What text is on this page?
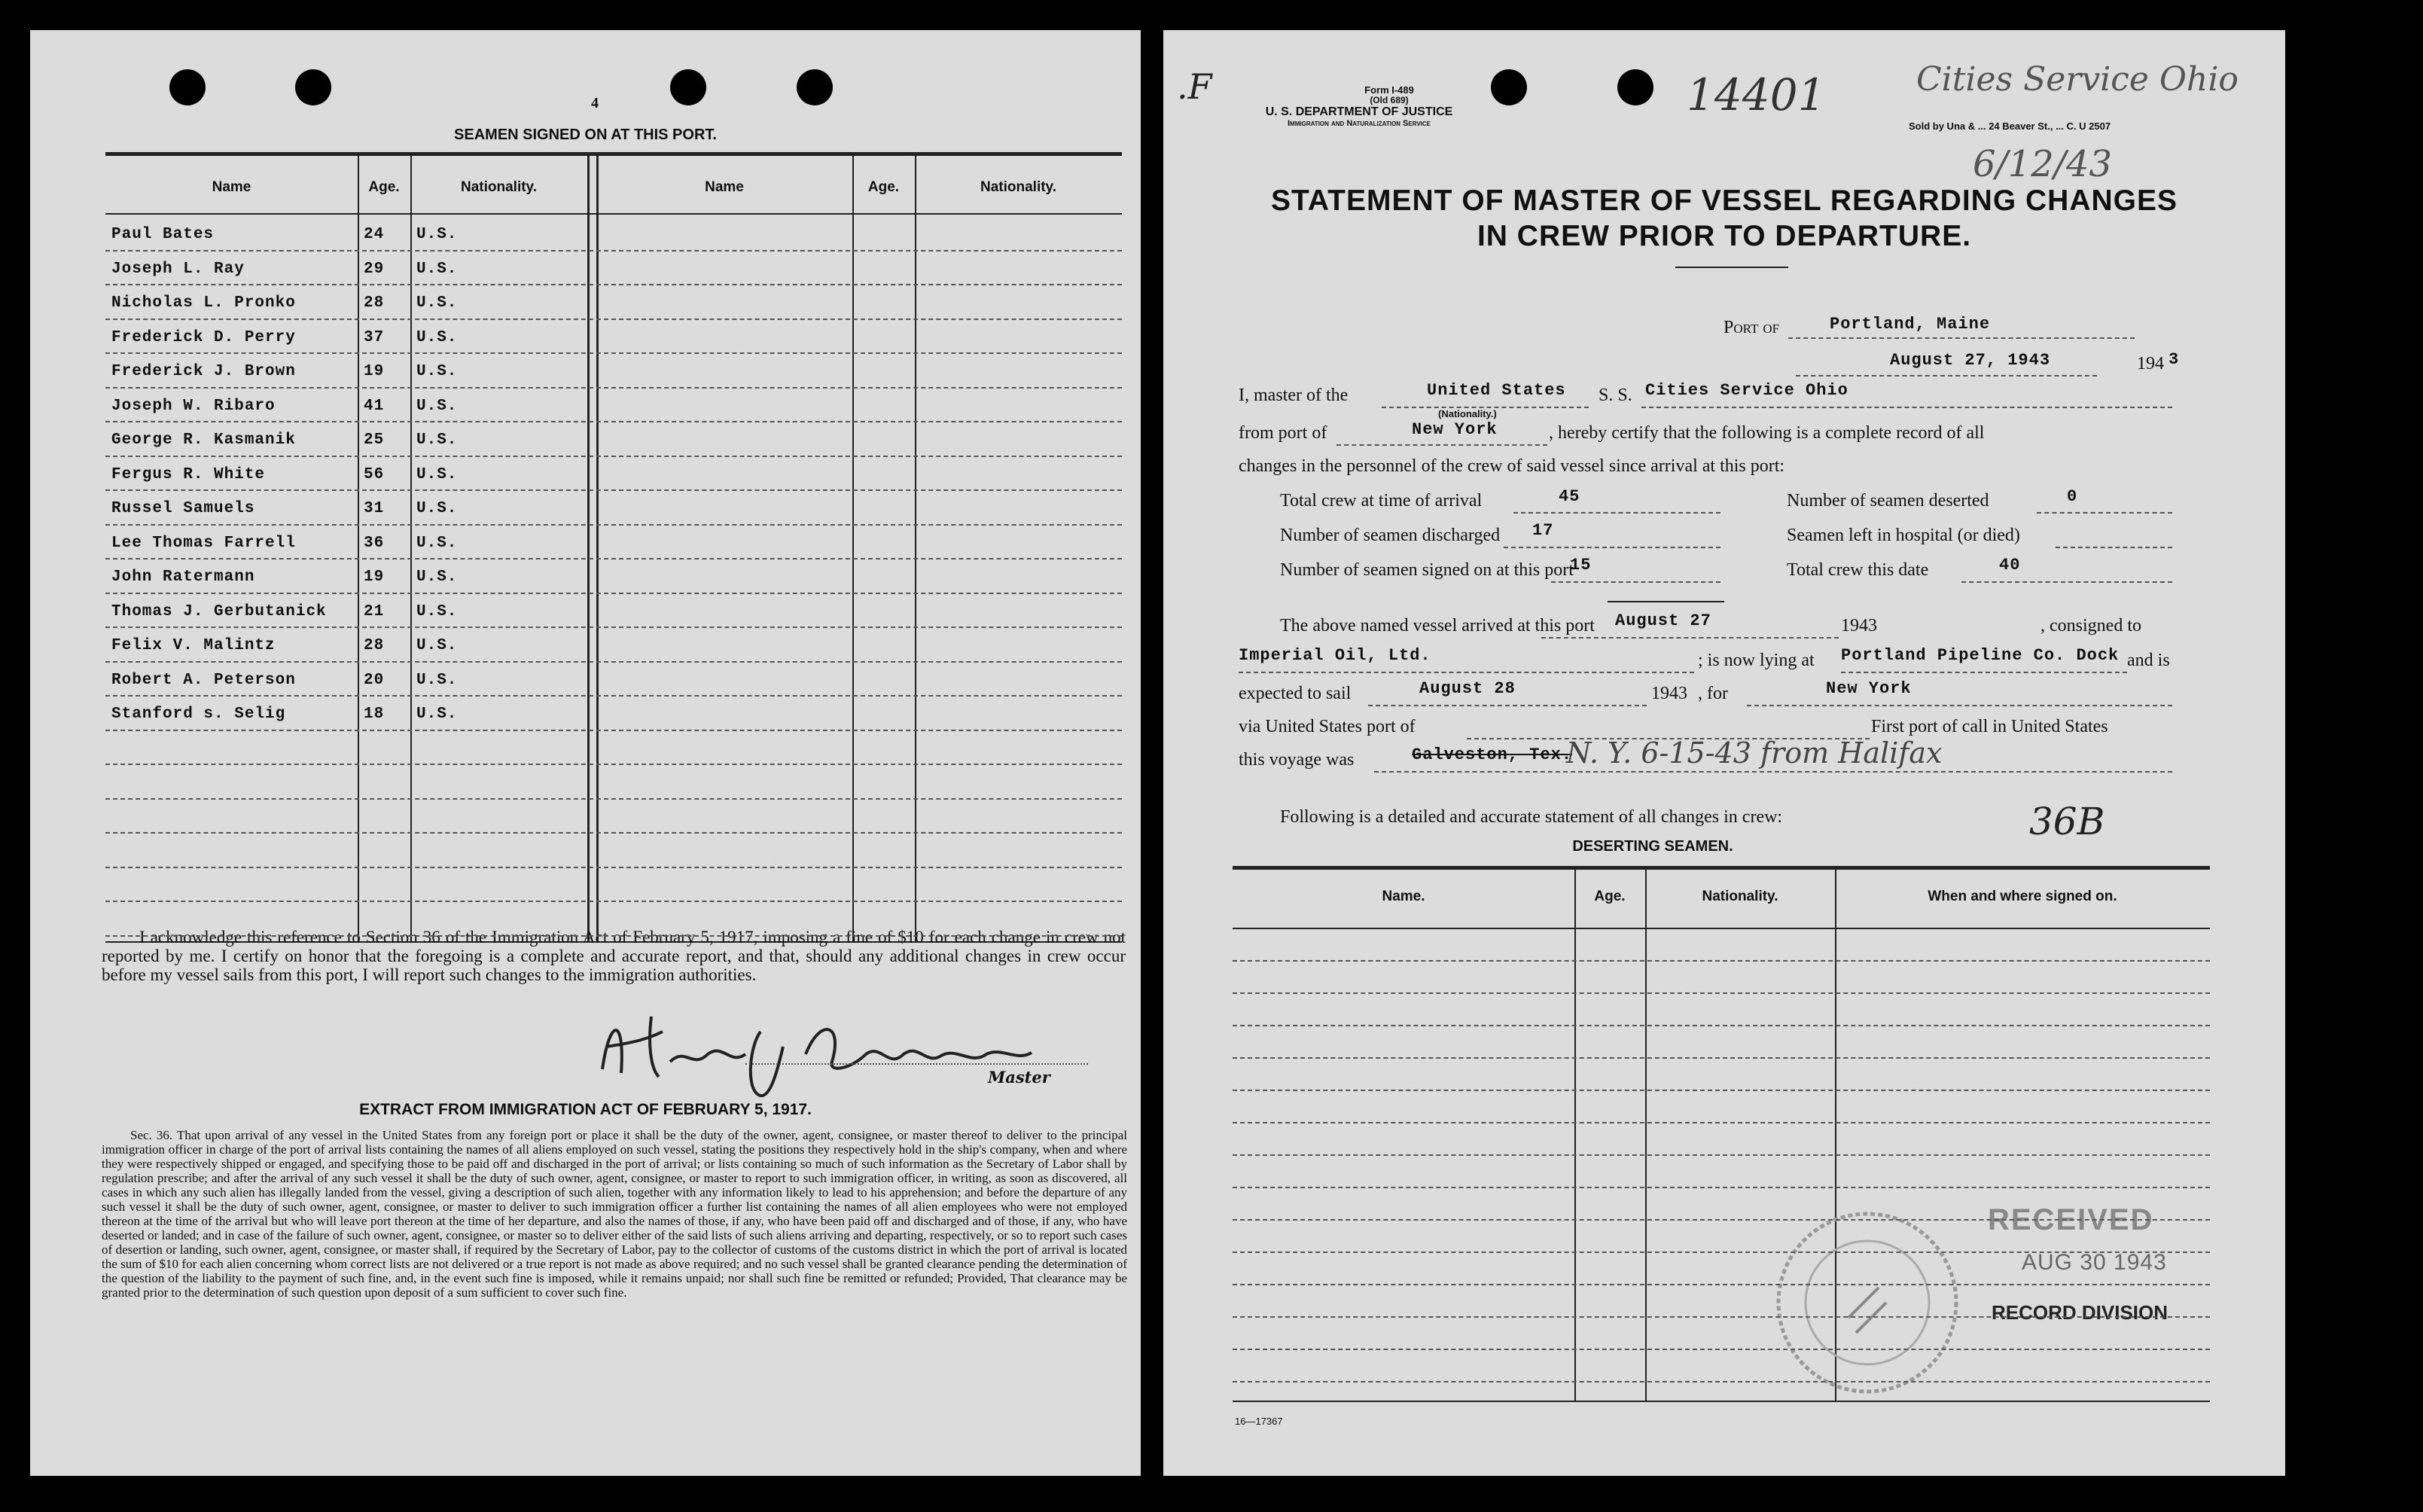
4
SEAMEN SIGNED ON AT THIS PORT.
Name	Age.	Nationality.	Name	Age.	Nationality.
I acknowledge this reference to Section 36 of the Immigration Act of February 5, 1917, imposing a fine of $10 for each change in crew not reported by me. I certify on honor that the foregoing is a complete and accurate report, and that, should any additional changes in crew occur before my vessel sails from this port, I will report such changes to the immigration authorities.
Master
EXTRACT FROM IMMIGRATION ACT OF FEBRUARY 5, 1917.
Sec. 36. That upon arrival of any vessel in the United States from any foreign port or place it shall be the duty of the owner, agent, consignee, or master thereof to deliver to the principal immigration officer in charge of the port of arrival lists containing the names of all aliens employed on such vessel, stating the positions they respectively hold in the ship's company, when and where they were respectively shipped or engaged, and specifying those to be paid off and discharged in the port of arrival; or lists containing so much of such information as the Secretary of Labor shall by regulation prescribe; and after the arrival of any such vessel it shall be the duty of such owner, agent, consignee, or master to report to such immigration officer, in writing, as soon as discovered, all cases in which any such alien has illegally landed from the vessel, giving a description of such alien, together with any information likely to lead to his apprehension; and before the departure of any such vessel it shall be the duty of such owner, agent, consignee, or master to deliver to such immigration officer a further list containing the names of all alien employees who were not employed thereon at the time of the arrival but who will leave port thereon at the time of her departure, and also the names of those, if any, who have been paid off and discharged and of those, if any, who have deserted or landed; and in case of the failure of such owner, agent, consignee, or master so to deliver either of the said lists of such aliens arriving and departing, respectively, or so to report such cases of desertion or landing, such owner, agent, consignee, or master shall, if required by the Secretary of Labor, pay to the collector of customs of the customs district in which the port of arrival is located the sum of $10 for each alien concerning whom correct lists are not delivered or a true report is not made as above required; and no such vessel shall be granted clearance pending the determination of the question of the liability to the payment of such fine, and, in the event such fine is imposed, while it remains unpaid; nor shall such fine be remitted or refunded; Provided, That clearance may be granted prior to the determination of such question upon deposit of a sum sufficient to cover such fine.
Paul Bates	24 U.S.
Joseph L. Ray	29 U.S.
Nicholas L. Pronko	28 U.S.
Frederick D. Perry	37 U.S.
Frederick J. Brown	19 U.S.
Joseph W. Ribaro	41 U.S.
George R. Kasmanik	25 U.S.
Fergus R. White	56 U.S.
Russel Samuels	31 U.S.
Lee Thomas Farrell	36 U.S.
John Ratermann	19 U.S.
Thomas J. Gerbutanick 21 U.S.
Felix V. Malintz	28 U.S.
Robert A. Peterson	20 U.S.
Stanford s. Selig	18 U.S.
.F	Form I-489
(Old 689)
U. S. DEPARTMENT OF JUSTICE
Immigration and Naturalization Service
14401	Cities Service Ohio
6/12/43
Sold by Una & ... 24 Beaver St., ... C. U 2507
STATEMENT OF MASTER OF VESSEL REGARDING CHANGES
IN CREW PRIOR TO DEPARTURE.
Port of	Portland, Maine
August 27, 1943	194 3
I, master of the	United States
(Nationality.)
S. S. Cities Service Ohio
from port of	New York	, hereby certify that the following is a complete record of all
changes in the personnel of the crew of said vessel since arrival at this port:
Total crew at time of arrival	45	Number of seamen deserted	0
Number of seamen discharged 17	Seamen left in hospital (or died)
Number of seamen signed on at this port
15	Total crew this date	40
The above named vessel arrived at this port August 27	1943	, consigned to
Imperial Oil, Ltd.	; is now lying at Portland Pipeline Co. Dock and is
expected to sail	August 28	1943 , for	New York
via United States port of	First port of call in United States
this voyage was	Galveston, Tex.
N. Y. 6-15-43 from Halifax
Following is a detailed and accurate statement of all changes in crew:	36B
DESERTING SEAMEN.
Name.	Age.	Nationality.	When and where signed on.
RECEIVED
AUG 30 1943
RECORD DIVISION
16—17367
